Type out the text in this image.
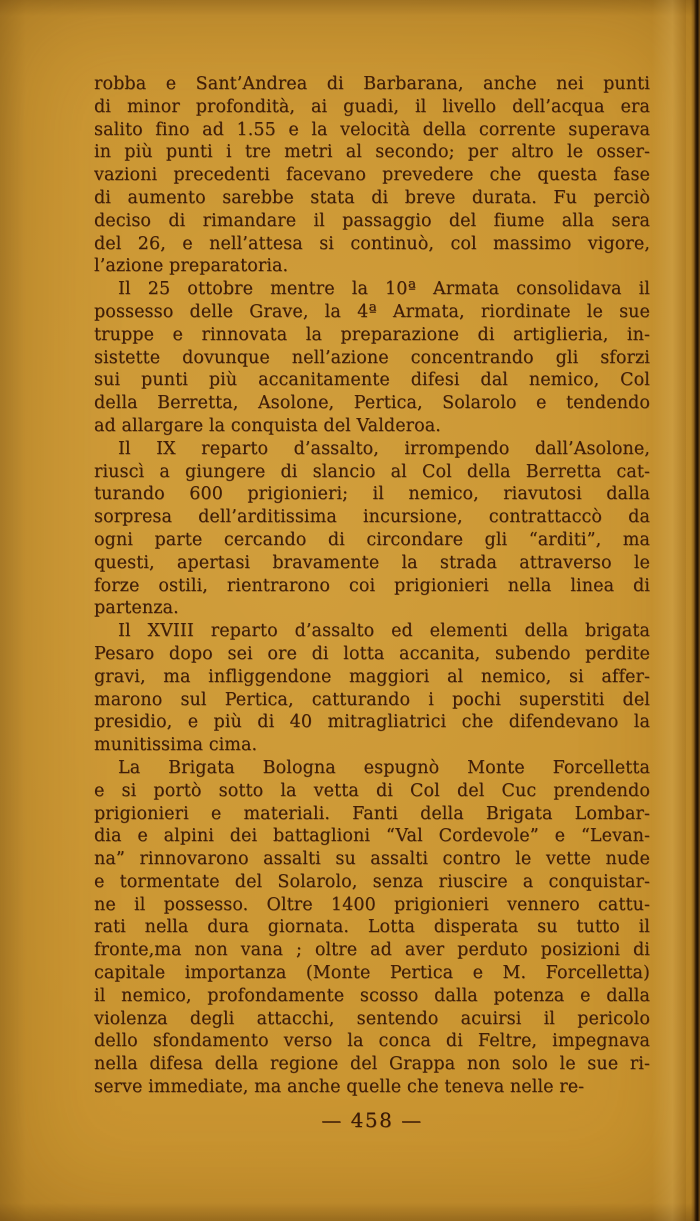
robba e Sant’Andrea di Barbarana, anche nei punti
di minor profondità, ai guadi, il livello dell’acqua era
salito fino ad 1.55 e la velocità della corrente superava
in più punti i tre metri al secondo; per altro le osser-
vazioni precedenti facevano prevedere che questa fase
di aumento sarebbe stata di breve durata. Fu perciò
deciso di rimandare il passaggio del fiume alla sera
del 26, e nell’attesa si continuò, col massimo vigore,
l’azione preparatoria.
Il 25 ottobre mentre la 10ª Armata consolidava il
possesso delle Grave, la 4ª Armata, riordinate le sue
truppe e rinnovata la preparazione di artiglieria, in-
sistette dovunque nell’azione concentrando gli sforzi
sui punti più accanitamente difesi dal nemico, Col
della Berretta, Asolone, Pertica, Solarolo e tendendo
ad allargare la conquista del Valderoa.
Il IX reparto d’assalto, irrompendo dall’Asolone,
riuscì a giungere di slancio al Col della Berretta cat-
turando 600 prigionieri; il nemico, riavutosi dalla
sorpresa dell’arditissima incursione, contrattaccò da
ogni parte cercando di circondare gli “arditi”, ma
questi, apertasi bravamente la strada attraverso le
forze ostili, rientrarono coi prigionieri nella linea di
partenza.
Il XVIII reparto d’assalto ed elementi della brigata
Pesaro dopo sei ore di lotta accanita, subendo perdite
gravi, ma infliggendone maggiori al nemico, si affer-
marono sul Pertica, catturando i pochi superstiti del
presidio, e più di 40 mitragliatrici che difendevano la
munitissima cima.
La Brigata Bologna espugnò Monte Forcelletta
e si portò sotto la vetta di Col del Cuc prendendo
prigionieri e materiali. Fanti della Brigata Lombar-
dia e alpini dei battaglioni “Val Cordevole” e “Levan-
na” rinnovarono assalti su assalti contro le vette nude
e tormentate del Solarolo, senza riuscire a conquistar-
ne il possesso. Oltre 1400 prigionieri vennero cattu-
rati nella dura giornata. Lotta disperata su tutto il
fronte,ma non vana ; oltre ad aver perduto posizioni di
capitale importanza (Monte Pertica e M. Forcelletta)
il nemico, profondamente scosso dalla potenza e dalla
violenza degli attacchi, sentendo acuirsi il pericolo
dello sfondamento verso la conca di Feltre, impegnava
nella difesa della regione del Grappa non solo le sue ri-
serve immediate, ma anche quelle che teneva nelle re-
— 458 —
